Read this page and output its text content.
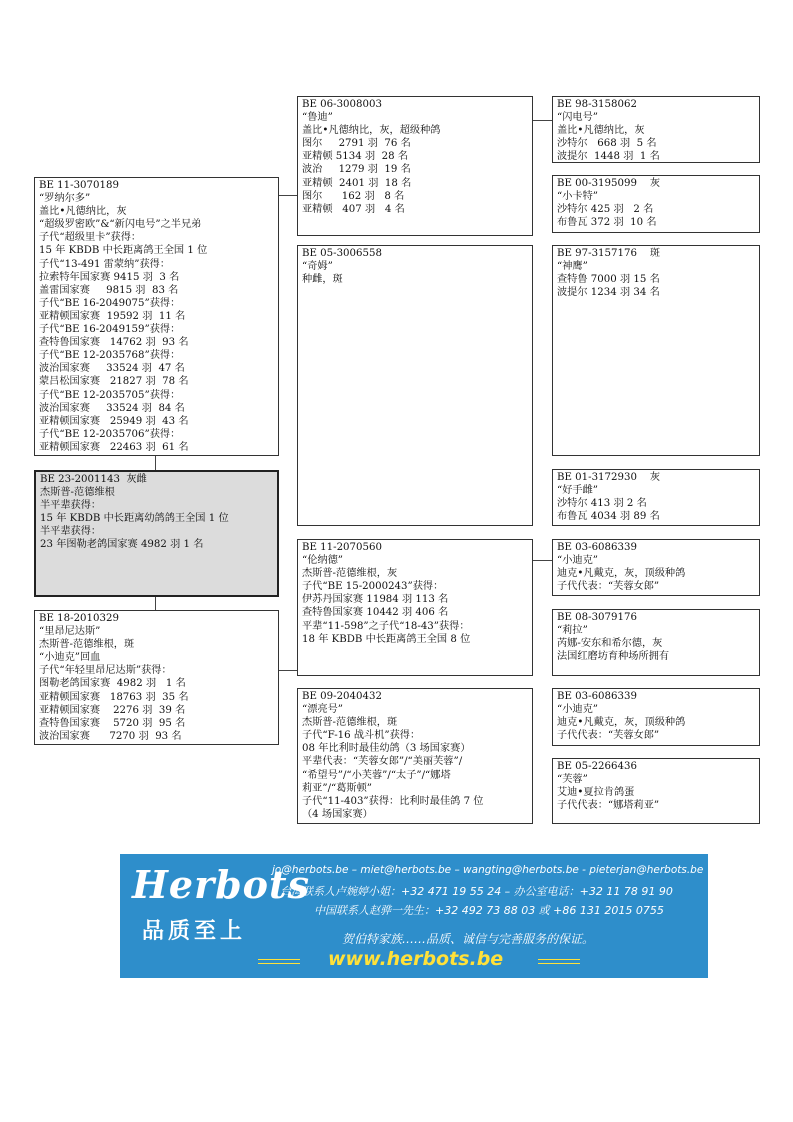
BE 11-3070189
“罗纳尔多”
盖比•凡德纳比，灰
“超级罗密欧”&“新闪电号”之半兄弟
子代“超级里卡”获得：
15 年 KBDB 中长距离鸽王全国 1 位
子代“13-491 雷蒙纳”获得：
拉索特年国家赛 9415 羽  3 名
盖雷国家赛     9815 羽  83 名
子代“BE 16-2049075”获得：
亚精顿国家赛  19592 羽  11 名
子代“BE 16-2049159”获得：
查特鲁国家赛   14762 羽  93 名
子代“BE 12-2035768”获得：
波治国家赛     33524 羽  47 名
蒙吕松国家赛   21827 羽  78 名
子代“BE 12-2035705”获得：
波治国家赛     33524 羽  84 名
亚精顿国家赛   25949 羽  43 名
子代“BE 12-2035706”获得：
亚精顿国家赛   22463 羽  61 名
BE 23-2001143  灰雌
杰斯普-范德维根
半平辈获得：
15 年 KBDB 中长距离幼鸽鸽王全国 1 位
半平辈获得：
23 年图勒老鸽国家赛 4982 羽 1 名
BE 18-2010329
“里昂尼达斯”
杰斯普-范德维根，斑
“小迪克”回血
子代“年轻里昂尼达斯”获得：
图勒老鸽国家赛  4982 羽   1 名
亚精顿国家赛   18763 羽  35 名
亚精顿国家赛    2276 羽  39 名
查特鲁国家赛    5720 羽  95 名
波治国家赛      7270 羽  93 名
BE 06-3008003
“鲁迪”
盖比•凡德纳比，灰，超级种鸽
图尔     2791 羽  76 名
亚精顿 5134 羽  28 名
波治     1279 羽  19 名
亚精顿  2401 羽  18 名
图尔      162 羽   8 名
亚精顿   407 羽   4 名
BE 05-3006558
“奇姆”
种雌，斑
BE 11-2070560
“伦纳德”
杰斯普-范德维根，灰
子代“BE 15-2000243”获得：
伊苏丹国家赛 11984 羽 113 名
查特鲁国家赛 10442 羽 406 名
平辈“11-598”之子代“18-43”获得：
18 年 KBDB 中长距离鸽王全国 8 位
BE 09-2040432
“漂亮号”
杰斯普-范德维根，斑
子代“F-16 战斗机”获得：
08 年比利时最佳幼鸽（3 场国家赛）
平辈代表：“芙蓉女郎”/“美丽芙蓉”/
“希望号”/“小芙蓉”/“太子”/“娜塔
莉亚”/“葛斯顿”
子代“11-403”获得：比利时最佳鸽 7 位
（4 场国家赛）
BE 98-3158062
“闪电号”
盖比•凡德纳比，灰
沙特尔   668 羽  5 名
波提尔  1448 羽  1 名
BE 00-3195099    灰
“小卡特”
沙特尔 425 羽   2 名
布鲁瓦 372 羽  10 名
BE 97-3157176    斑
“神鹰”
查特鲁 7000 羽 15 名
波提尔 1234 羽 34 名
BE 01-3172930    灰
“好手雌”
沙特尔 413 羽 2 名
布鲁瓦 4034 羽 89 名
BE 03-6086339
“小迪克”
迪克•凡戴克，灰，顶级种鸽
子代代表：“芙蓉女郎”
BE 08-3079176
“莉拉”
芮娜-安东和希尔德，灰
法国红磨坊育种场所拥有
BE 03-6086339
“小迪克”
迪克•凡戴克，灰，顶级种鸽
子代代表：“芙蓉女郎”
BE 05-2266436
“芙蓉”
艾迪•夏拉肯鸽蛋
子代代表：“娜塔莉亚”
Herbots
品质至上
jo@herbots.be – miet@herbots.be – wangting@herbots.be - pieterjan@herbots.be
台湾联系人卢婉婷小姐：+32 471 19 55 24 – 办公室电话：+32 11 78 91 90
中国联系人赵骅一先生：+32 492 73 88 03 或 +86 131 2015 0755
贺伯特家族……品质、诚信与完善服务的保证。
www.herbots.be
